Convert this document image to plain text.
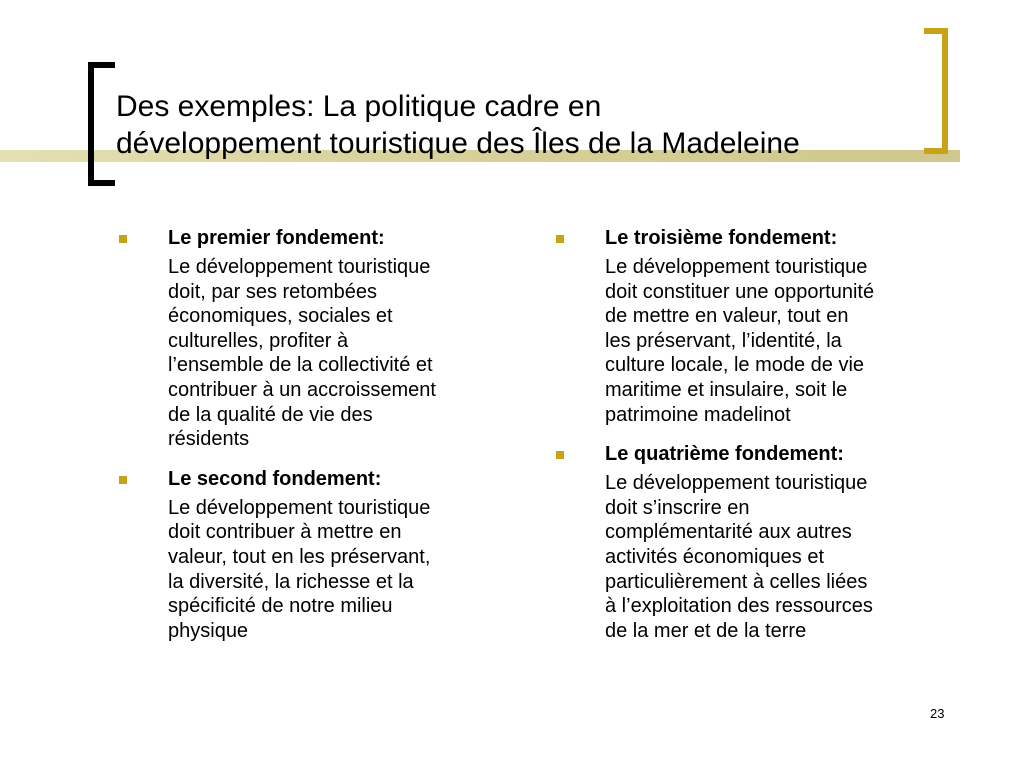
Des exemples: La politique cadre en
développement touristique des Îles de la Madeleine
Le premier fondement:
Le développement touristique
doit, par ses retombées
économiques, sociales et
culturelles, profiter à
l’ensemble de la collectivité et
contribuer à un accroissement
de la qualité de vie des
résidents
Le second fondement:
Le développement touristique
doit contribuer à mettre en
valeur, tout en les préservant,
la diversité, la richesse et la
spécificité de notre milieu
physique
Le troisième fondement:
Le développement touristique
doit constituer une opportunité
de mettre en valeur, tout en
les préservant, l’identité, la
culture locale, le mode de vie
maritime et insulaire, soit le
patrimoine madelinot
Le quatrième fondement:
Le développement touristique
doit s’inscrire en
complémentarité aux autres
activités économiques et
particulièrement à celles liées
à l’exploitation des ressources
de la mer et de la terre
23
